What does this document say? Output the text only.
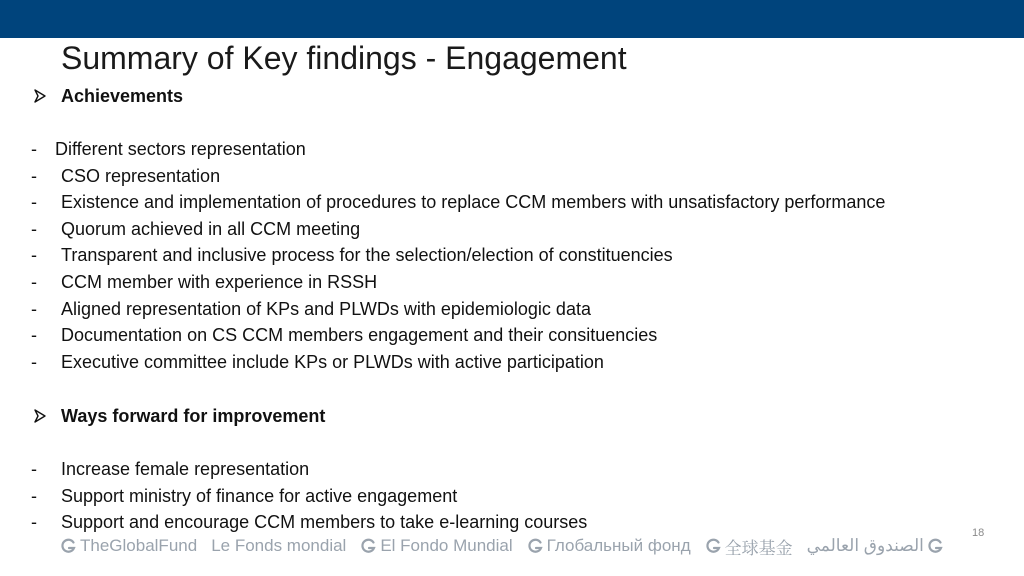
Summary of Key findings - Engagement
Achievements
- Different sectors representation
- CSO representation
- Existence and implementation of procedures to replace CCM members with unsatisfactory performance
- Quorum achieved in all CCM meeting
- Transparent and inclusive process for the selection/election of constituencies
- CCM member with experience in RSSH
- Aligned representation of KPs and PLWDs with epidemiologic data
- Documentation on CS CCM members engagement and their consituencies
- Executive committee include KPs or PLWDs with active participation
Ways forward for improvement
- Increase female representation
- Support ministry of finance for active engagement
- Support and encourage CCM members to take e-learning courses
TheGlobalFund Le Fonds mondial El Fondo Mundial Глобальный фонд 全球基金 الصندوق العالمي
18
